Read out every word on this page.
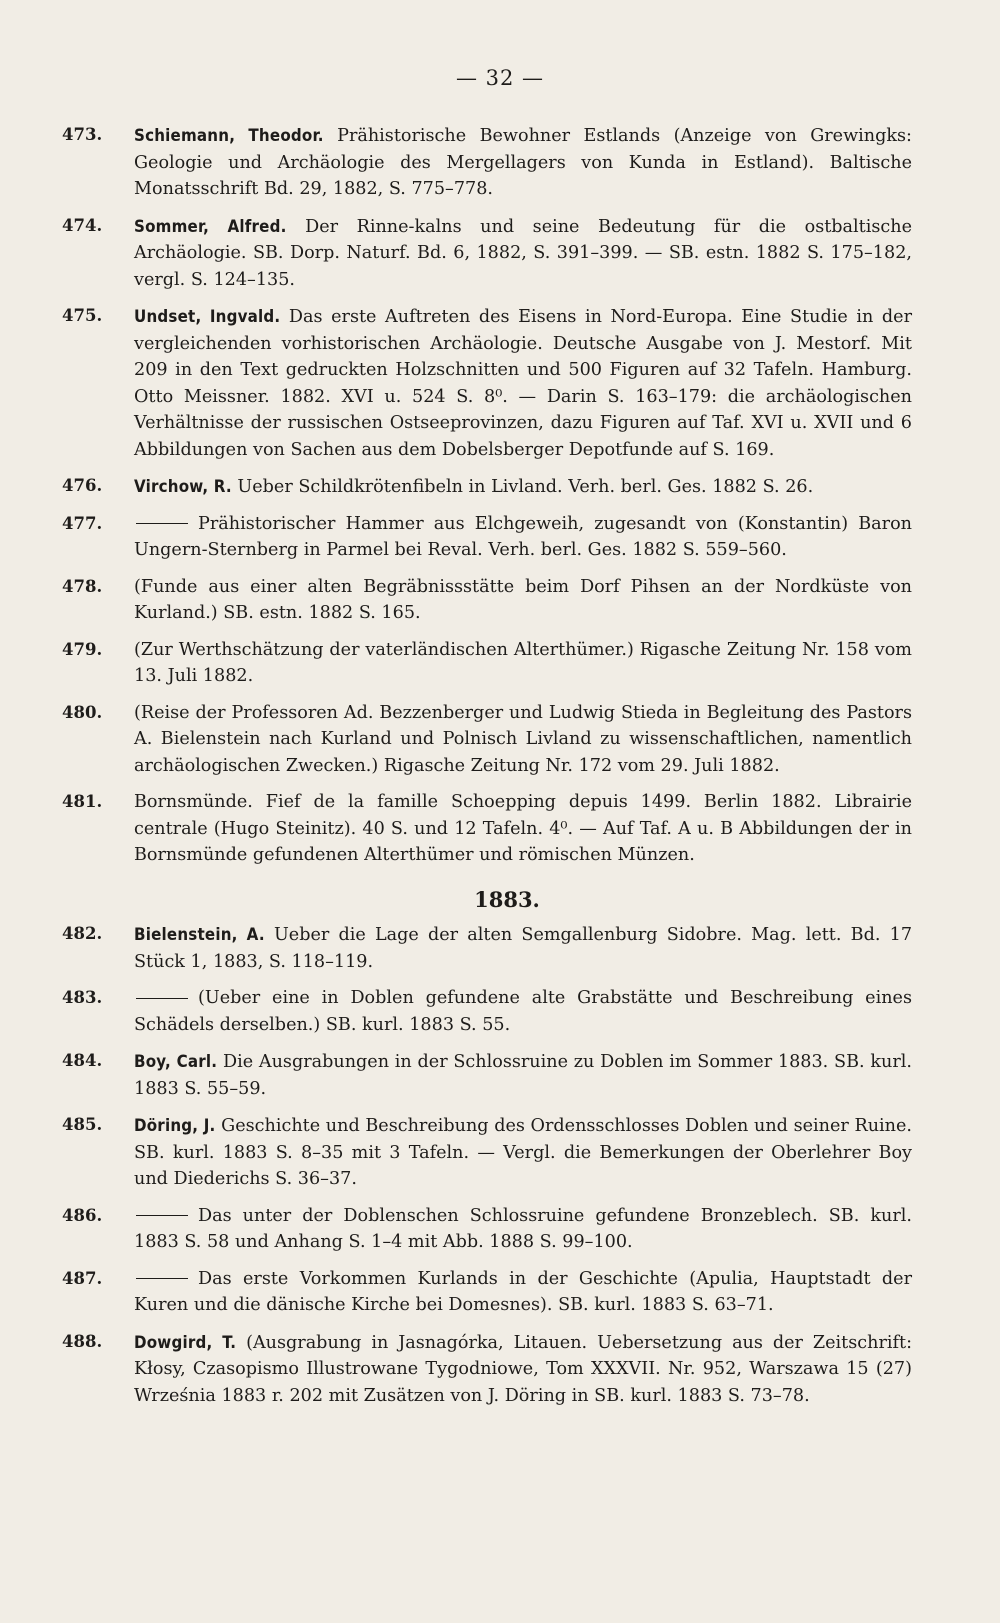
— 32 —
473. Schiemann, Theodor. Prähistorische Bewohner Estlands (Anzeige von Grewingks: Geologie und Archäologie des Mergellagers von Kunda in Estland). Baltische Monatsschrift Bd. 29, 1882, S. 775–778.
474. Sommer, Alfred. Der Rinne-kalns und seine Bedeutung für die ostbaltische Archäologie. SB. Dorp. Naturf. Bd. 6, 1882, S. 391–399. — SB. estn. 1882 S. 175–182, vergl. S. 124–135.
475. Undset, Ingvald. Das erste Auftreten des Eisens in Nord-Europa. Eine Studie in der vergleichenden vorhistorischen Archäologie. Deutsche Ausgabe von J. Mestorf. Mit 209 in den Text gedruckten Holzschnitten und 500 Figuren auf 32 Tafeln. Hamburg. Otto Meissner. 1882. XVI u. 524 S. 8⁰. — Darin S. 163–179: die archäologischen Verhältnisse der russischen Ostseeprovinzen, dazu Figuren auf Taf. XVI u. XVII und 6 Abbildungen von Sachen aus dem Dobelsberger Depotfunde auf S. 169.
476. Virchow, R. Ueber Schildkrötenfibeln in Livland. Verh. berl. Ges. 1882 S. 26.
477.	Prähistorischer Hammer aus Elchgeweih, zugesandt von (Konstantin) Baron Ungern-Sternberg in Parmel bei Reval. Verh. berl. Ges. 1882 S. 559–560.
478. (Funde aus einer alten Begräbnissstätte beim Dorf Pihsen an der Nordküste von Kurland.) SB. estn. 1882 S. 165.
479. (Zur Werthschätzung der vaterländischen Alterthümer.) Rigasche Zeitung Nr. 158 vom 13. Juli 1882.
480. (Reise der Professoren Ad. Bezzenberger und Ludwig Stieda in Begleitung des Pastors A. Bielenstein nach Kurland und Polnisch Livland zu wissenschaftlichen, namentlich archäologischen Zwecken.) Rigasche Zeitung Nr. 172 vom 29. Juli 1882.
481. Bornsmünde. Fief de la famille Schoepping depuis 1499. Berlin 1882. Librairie centrale (Hugo Steinitz). 40 S. und 12 Tafeln. 4⁰. — Auf Taf. A u. B Abbildungen der in Bornsmünde gefundenen Alterthümer und römischen Münzen.
1883.
482. Bielenstein, A. Ueber die Lage der alten Semgallenburg Sidobre. Mag. lett. Bd. 17 Stück 1, 1883, S. 118–119.
483.	(Ueber eine in Doblen gefundene alte Grabstätte und Beschreibung eines Schädels derselben.) SB. kurl. 1883 S. 55.
484. Boy, Carl. Die Ausgrabungen in der Schlossruine zu Doblen im Sommer 1883. SB. kurl. 1883 S. 55–59.
485. Döring, J. Geschichte und Beschreibung des Ordensschlosses Doblen und seiner Ruine. SB. kurl. 1883 S. 8–35 mit 3 Tafeln. — Vergl. die Bemerkungen der Oberlehrer Boy und Diederichs S. 36–37.
486.	Das unter der Doblenschen Schlossruine gefundene Bronzeblech. SB. kurl. 1883 S. 58 und Anhang S. 1–4 mit Abb. 1888 S. 99–100.
487.	Das erste Vorkommen Kurlands in der Geschichte (Apulia, Hauptstadt der Kuren und die dänische Kirche bei Domesnes). SB. kurl. 1883 S. 63–71.
488. Dowgird, T. (Ausgrabung in Jasnagórka, Litauen. Uebersetzung aus der Zeitschrift: Kłosy, Czasopismo Illustrowane Tygodniowe, Tom XXXVII. Nr. 952, Warszawa 15 (27) Września 1883 r. 202 mit Zusätzen von J. Döring in SB. kurl. 1883 S. 73–78.
